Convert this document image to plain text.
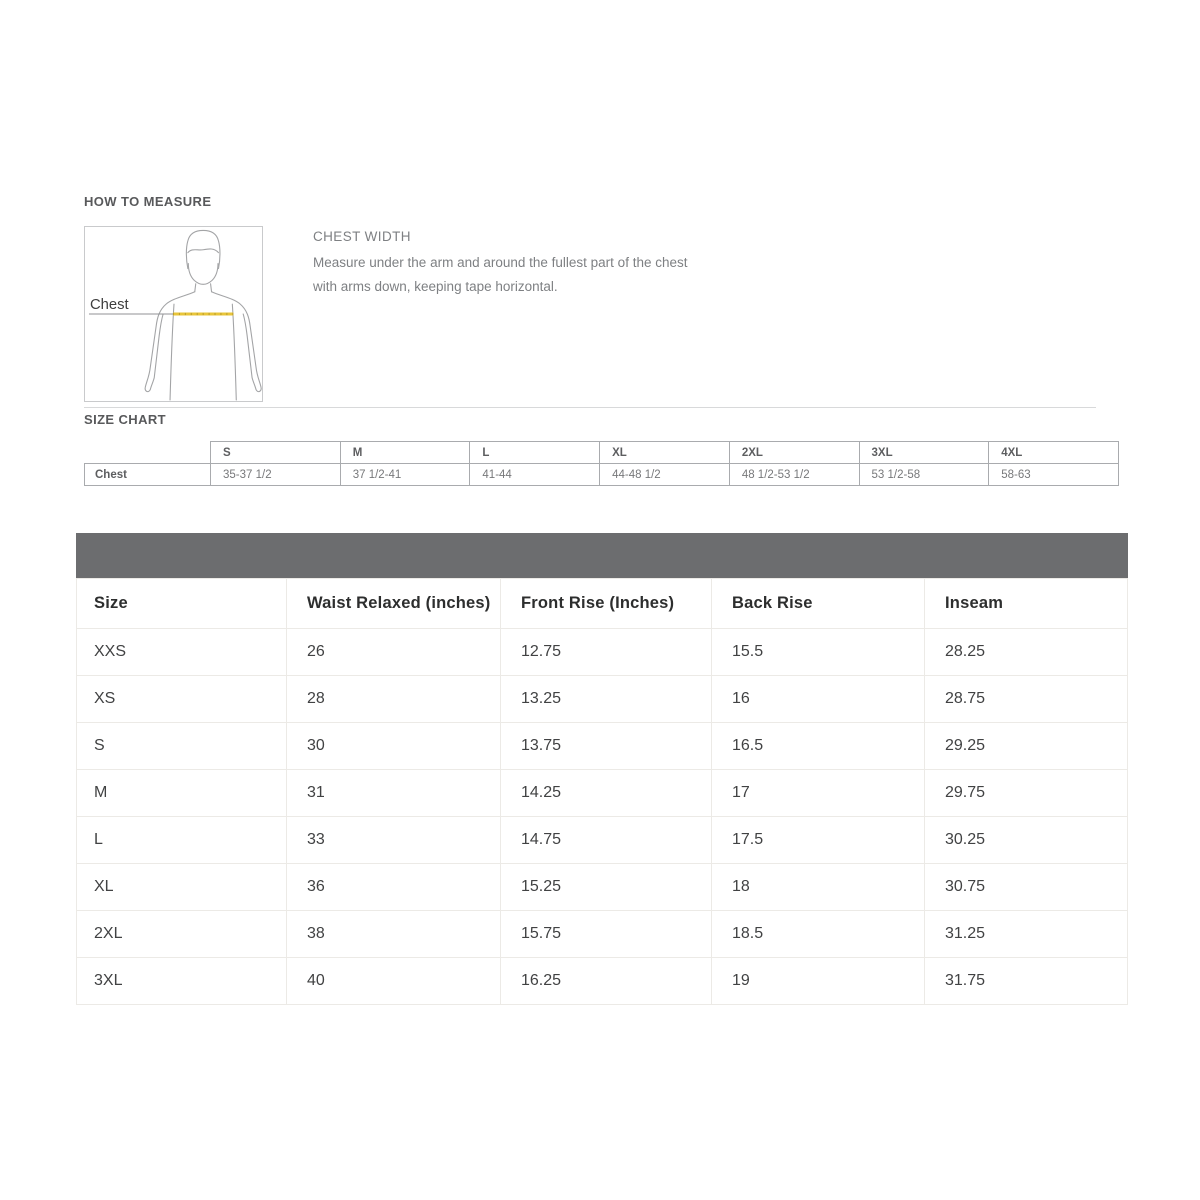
HOW TO MEASURE
Chest
CHEST WIDTH
Measure under the arm and around the fullest part of the chest
with arms down, keeping tape horizontal.
SIZE CHART
	S	M	L	XL	2XL	3XL	4XL
Chest	35-37 1/2	37 1/2-41	41-44	44-48 1/2	48 1/2-53 1/2	53 1/2-58	58-63
Size	Waist Relaxed (inches)	Front Rise (Inches)	Back Rise	Inseam
XXS	26	12.75	15.5	28.25
XS	28	13.25	16	28.75
S	30	13.75	16.5	29.25
M	31	14.25	17	29.75
L	33	14.75	17.5	30.25
XL	36	15.25	18	30.75
2XL	38	15.75	18.5	31.25
3XL	40	16.25	19	31.75
